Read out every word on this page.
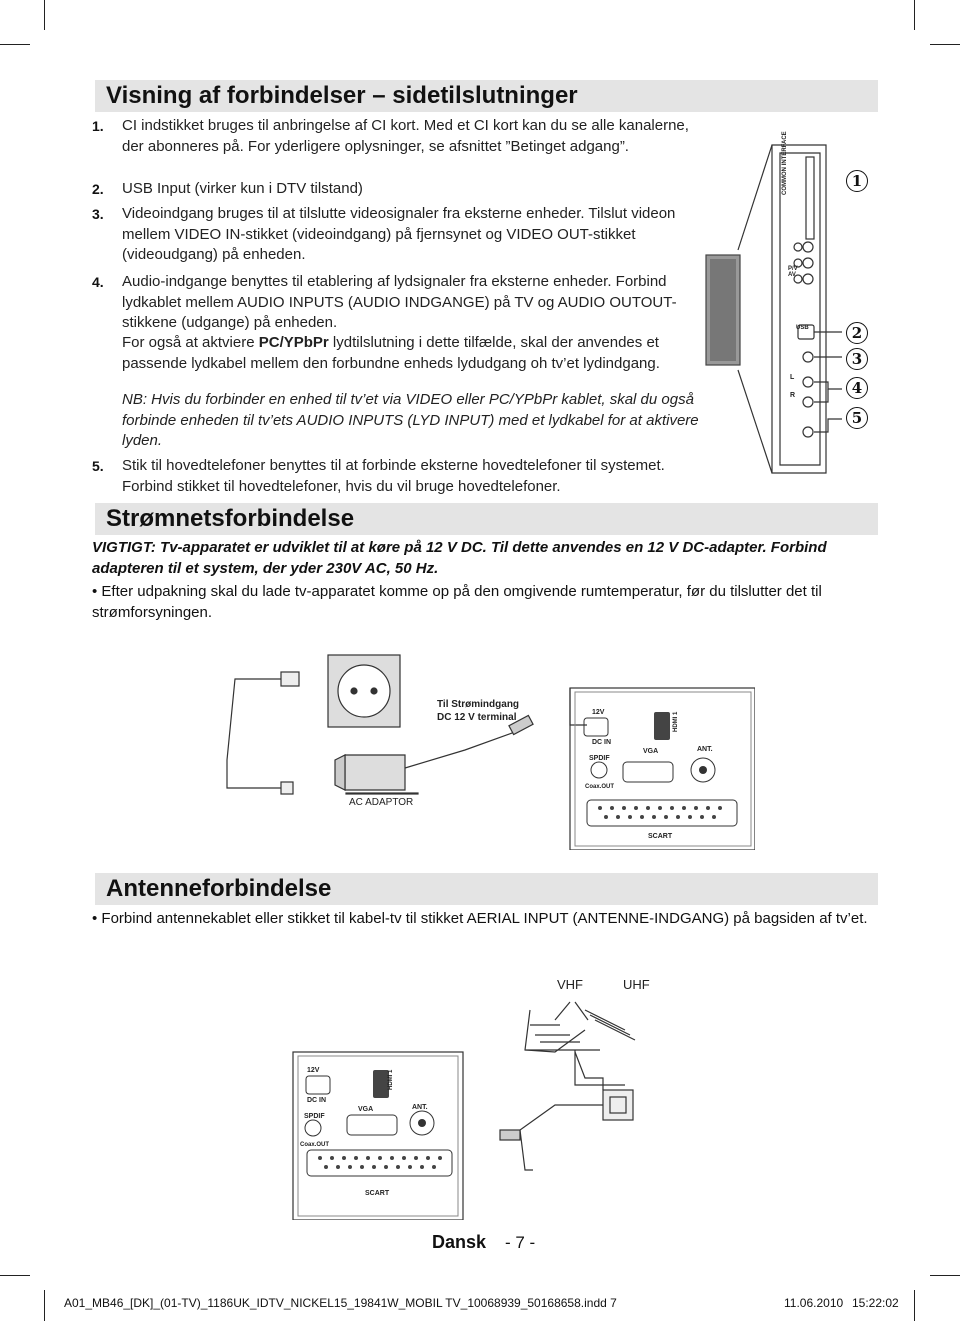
Visning af forbindelser – sidetilslutninger
1. CI indstikket bruges til anbringelse af CI kort. Med et CI kort kan du se alle kanalerne, der abonneres på. For yderligere oplysninger, se afsnittet ”Betinget adgang”.
2. USB Input (virker kun i DTV tilstand)
3. Videoindgang bruges til at tilslutte videosignaler fra eksterne enheder. Tilslut videon mellem VIDEO IN-stikket (videoindgang) på fjernsynet og VIDEO OUT-stikket (videoudgang) på enheden.
4. Audio-indgange benyttes til etablering af lydsignaler fra eksterne enheder. Forbind lydkablet mellem AUDIO INPUTS (AUDIO INDGANGE) på TV og AUDIO OUTOUT-stikkene (udgange) på enheden.
For også at aktviere PC/YPbPr lydtilslutning i dette tilfælde, skal der anvendes et passende lydkabel mellem den forbundne enheds lydudgang oh tv’et lydindgang.
NB: Hvis du forbinder en enhed til tv’et via VIDEO eller PC/YPbPr kablet, skal du også forbinde enheden til tv’ets AUDIO INPUTS (LYD INPUT) med et lydkabel for at aktivere lyden.
5. Stik til hovedtelefoner benyttes til at forbinde eksterne hovedtelefoner til systemet. Forbind stikket til hovedtelefoner, hvis du vil bruge hovedtelefoner.
COMMON INTERFACE
USB
P/V
AV
R
L
1
2
3
4
5
Strømnetsforbindelse
VIGTIGT: Tv-apparatet er udviklet til at køre på 12 V DC. Til dette anvendes en 12 V DC-adapter. Forbind adapteren til et system, der yder 230V AC, 50 Hz.
• Efter udpakning skal du lade tv-apparatet komme op på den omgivende rumtemperatur, før du tilslutter det til strømforsyningen.
Til Strømindgang
DC 12 V terminal
AC ADAPTOR
12V
DC IN
HDMI 1
VGA	ANT.
SPDIF
Coax.OUT
SCART
Antenneforbindelse
• Forbind antennekablet eller stikket til kabel-tv til stikket AERIAL INPUT (ANTENNE-INDGANG) på bagsiden af tv’et.
VHF	UHF
12V
DC IN
HDMI 1
VGA	ANT.
SPDIF
Coax.OUT
SCART
Dansk - 7 -
A01_MB46_[DK]_(01-TV)_1186UK_IDTV_NICKEL15_19841W_MOBIL TV_10068939_50168658.indd 7	11.06.2010 15:22:02
